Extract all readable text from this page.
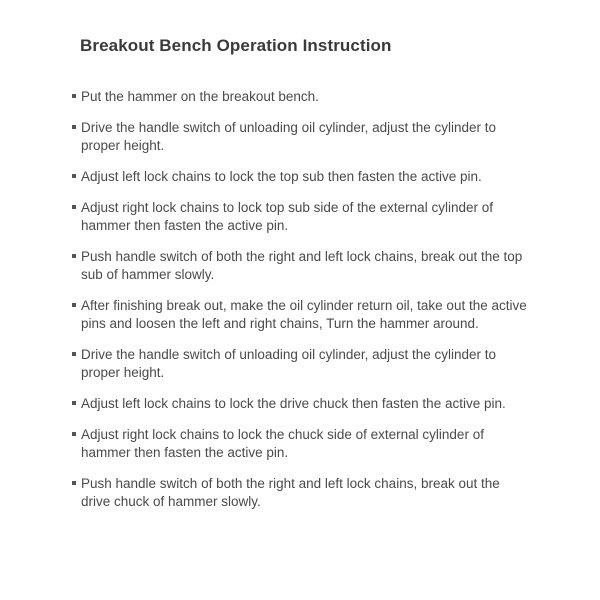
Breakout Bench Operation Instruction
Put the hammer on the breakout bench.
Drive the handle switch of unloading oil cylinder, adjust the cylinder to proper height.
Adjust left lock chains to lock the top sub then fasten the active pin.
Adjust right lock chains to lock top sub side of the external cylinder of hammer then fasten the active pin.
Push handle switch of both the right and left lock chains, break out the top sub of hammer slowly.
After finishing break out, make the oil cylinder return oil, take out the active pins and loosen the left and right chains, Turn the hammer around.
Drive the handle switch of unloading oil cylinder, adjust the cylinder to proper height.
Adjust left lock chains to lock the drive chuck then fasten the active pin.
Adjust right lock chains to lock the chuck side of external cylinder of hammer then fasten the active pin.
Push handle switch of both the right and left lock chains, break out the drive chuck of hammer slowly.
